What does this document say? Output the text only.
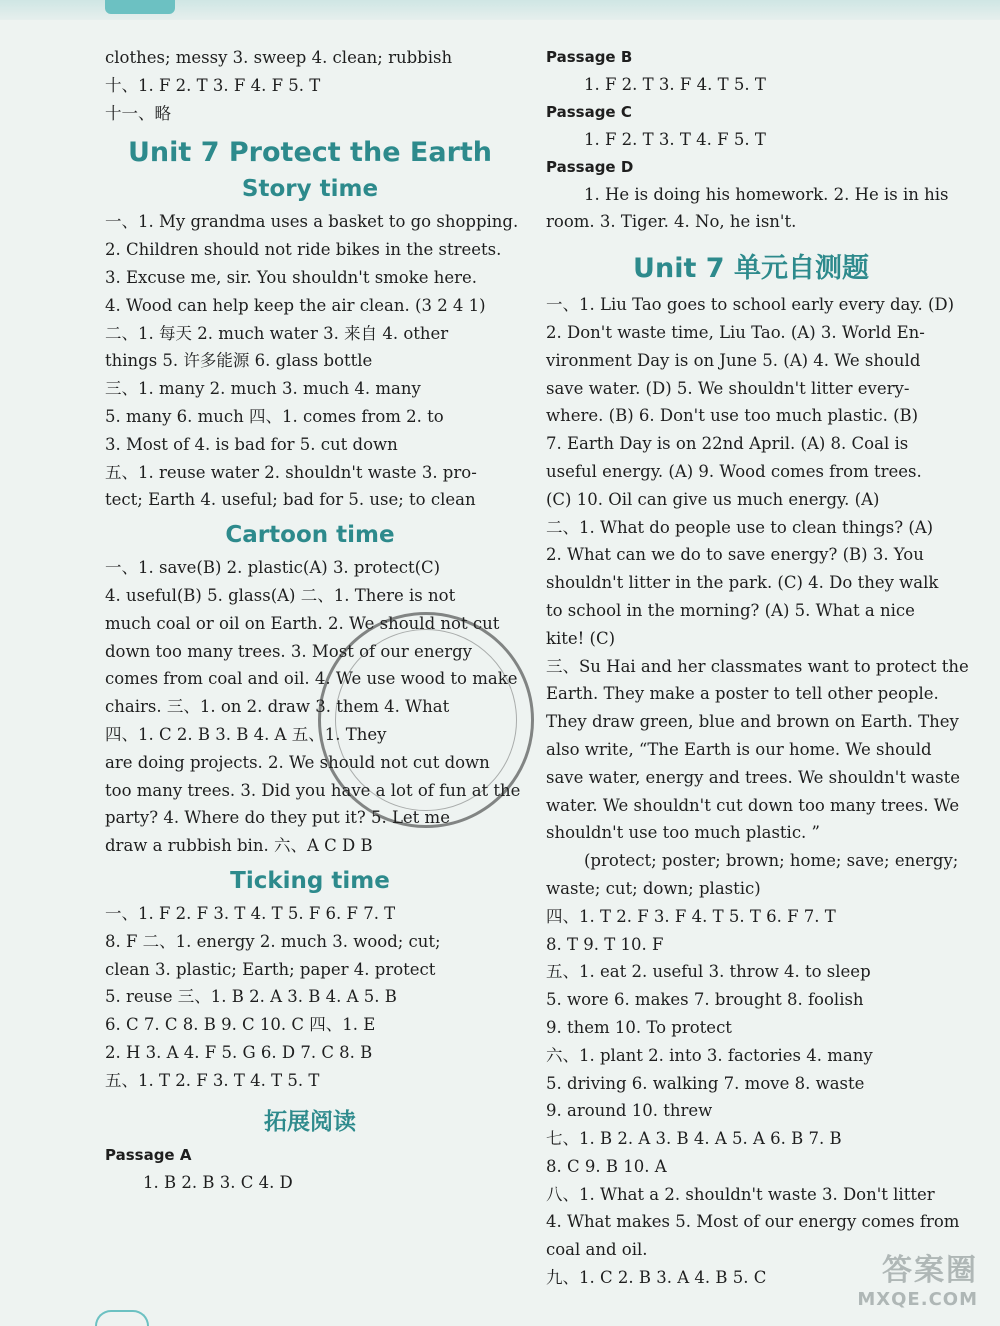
clothes; messy 3. sweep 4. clean; rubbish
十、1. F 2. T 3. F 4. F 5. T
十一、略
Unit 7 Protect the Earth
Story time
一、1. My grandma uses a basket to go shopping.
2. Children should not ride bikes in the streets.
3. Excuse me, sir. You shouldn't smoke here.
4. Wood can help keep the air clean. (3 2 4 1)
二、1. 每天 2. much water 3. 来自 4. other
things 5. 许多能源 6. glass bottle
三、1. many 2. much 3. much 4. many
5. many 6. much 四、1. comes from 2. to
3. Most of 4. is bad for 5. cut down
五、1. reuse water 2. shouldn't waste 3. pro-
tect; Earth 4. useful; bad for 5. use; to clean
Cartoon time
一、1. save(B) 2. plastic(A) 3. protect(C)
4. useful(B) 5. glass(A) 二、1. There is not
much coal or oil on Earth. 2. We should not cut
down too many trees. 3. Most of our energy
comes from coal and oil. 4. We use wood to make
chairs. 三、1. on 2. draw 3. them 4. What
四、1. C 2. B 3. B 4. A 五、1. They
are doing projects. 2. We should not cut down
too many trees. 3. Did you have a lot of fun at the
party? 4. Where do they put it? 5. Let me
draw a rubbish bin. 六、A C D B
Ticking time
一、1. F 2. F 3. T 4. T 5. F 6. F 7. T
8. F 二、1. energy 2. much 3. wood; cut;
clean 3. plastic; Earth; paper 4. protect
5. reuse 三、1. B 2. A 3. B 4. A 5. B
6. C 7. C 8. B 9. C 10. C 四、1. E
2. H 3. A 4. F 5. G 6. D 7. C 8. B
五、1. T 2. F 3. T 4. T 5. T
拓展阅读
Passage A
1. B 2. B 3. C 4. D
Passage B
1. F 2. T 3. F 4. T 5. T
Passage C
1. F 2. T 3. T 4. F 5. T
Passage D
1. He is doing his homework. 2. He is in his
room. 3. Tiger. 4. No, he isn't.
Unit 7 单元自测题
一、1. Liu Tao goes to school early every day. (D)
2. Don't waste time, Liu Tao. (A) 3. World En-
vironment Day is on June 5. (A) 4. We should
save water. (D) 5. We shouldn't litter every-
where. (B) 6. Don't use too much plastic. (B)
7. Earth Day is on 22nd April. (A) 8. Coal is
useful energy. (A) 9. Wood comes from trees.
(C) 10. Oil can give us much energy. (A)
二、1. What do people use to clean things? (A)
2. What can we do to save energy? (B) 3. You
shouldn't litter in the park. (C) 4. Do they walk
to school in the morning? (A) 5. What a nice
kite! (C)
三、Su Hai and her classmates want to protect the
Earth. They make a poster to tell other people.
They draw green, blue and brown on Earth. They
also write, “The Earth is our home. We should
save water, energy and trees. We shouldn't waste
water. We shouldn't cut down too many trees. We
shouldn't use too much plastic. ”
(protect; poster; brown; home; save; energy;
waste; cut; down; plastic)
四、1. T 2. F 3. F 4. T 5. T 6. F 7. T
8. T 9. T 10. F
五、1. eat 2. useful 3. throw 4. to sleep
5. wore 6. makes 7. brought 8. foolish
9. them 10. To protect
六、1. plant 2. into 3. factories 4. many
5. driving 6. walking 7. move 8. waste
9. around 10. threw
七、1. B 2. A 3. B 4. A 5. A 6. B 7. B
8. C 9. B 10. A
八、1. What a 2. shouldn't waste 3. Don't litter
4. What makes 5. Most of our energy comes from
coal and oil.
九、1. C 2. B 3. A 4. B 5. C	答案圈
MXQE.COM
